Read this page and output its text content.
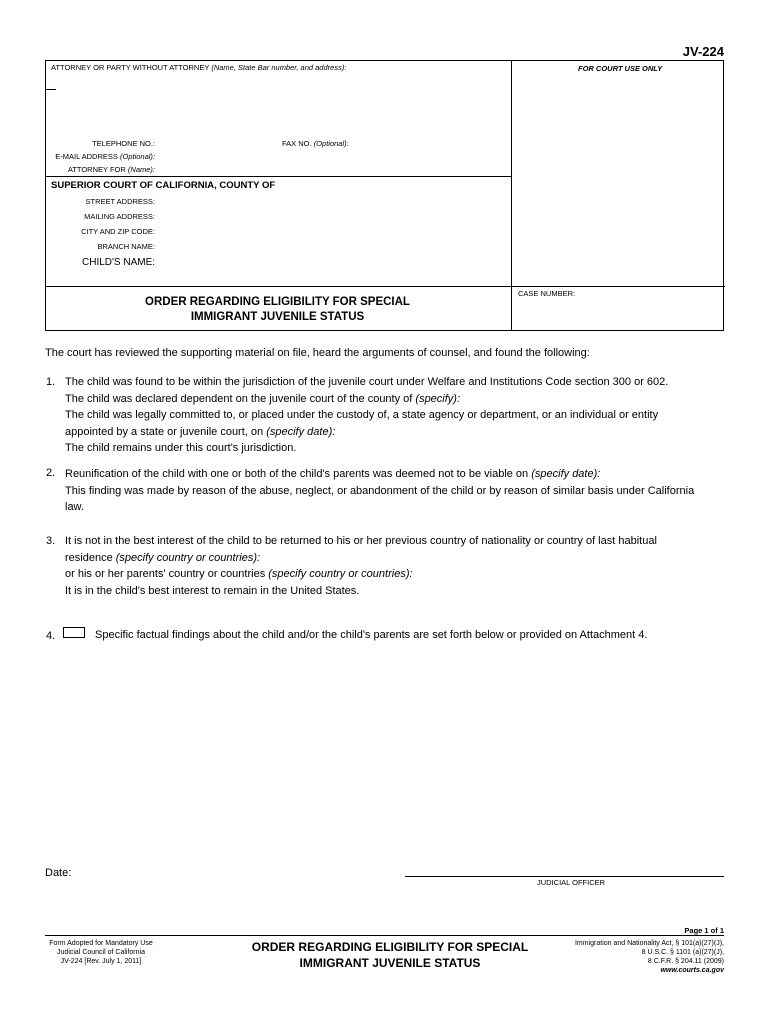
JV-224
ATTORNEY OR PARTY WITHOUT ATTORNEY (Name, State Bar number, and address):	FOR COURT USE ONLY
TELEPHONE NO.:	FAX NO. (Optional):
E-MAIL ADDRESS (Optional):
ATTORNEY FOR (Name):
SUPERIOR COURT OF CALIFORNIA, COUNTY OF
STREET ADDRESS:
MAILING ADDRESS:
CITY AND ZIP CODE:
BRANCH NAME:
CHILD'S NAME:
CASE NUMBER:
ORDER REGARDING ELIGIBILITY FOR SPECIAL
IMMIGRANT JUVENILE STATUS
The court has reviewed the supporting material on file, heard the arguments of counsel, and found the following:
1. The child was found to be within the jurisdiction of the juvenile court under Welfare and Institutions Code section 300 or 602.
The child was declared dependent on the juvenile court of the county of (specify):
The child was legally committed to, or placed under the custody of, a state agency or department, or an individual or entity
appointed by a state or juvenile court, on (specify date):
The child remains under this court's jurisdiction.
2. Reunification of the child with one or both of the child's parents was deemed not to be viable on (specify date):
This finding was made by reason of the abuse, neglect, or abandonment of the child or by reason of similar basis under California
law.
3. It is not in the best interest of the child to be returned to his or her previous country of nationality or country of last habitual
residence (specify country or countries):
or his or her parents' country or countries (specify country or countries):
It is in the child's best interest to remain in the United States.
4.	Specific factual findings about the child and/or the child's parents are set forth below or provided on Attachment 4.
Date:
JUDICIAL OFFICER
Page 1 of 1
Form Adopted for Mandatory Use
Judicial Council of California
JV-224 [Rev. July 1, 2011]
ORDER REGARDING ELIGIBILITY FOR SPECIAL
IMMIGRANT JUVENILE STATUS
Immigration and Nationality Act, § 101(a)(27)(J),
8 U.S.C. § 1101 (a)(27)(J),
8 C.F.R. § 204.11 (2009)
www.courts.ca.gov
